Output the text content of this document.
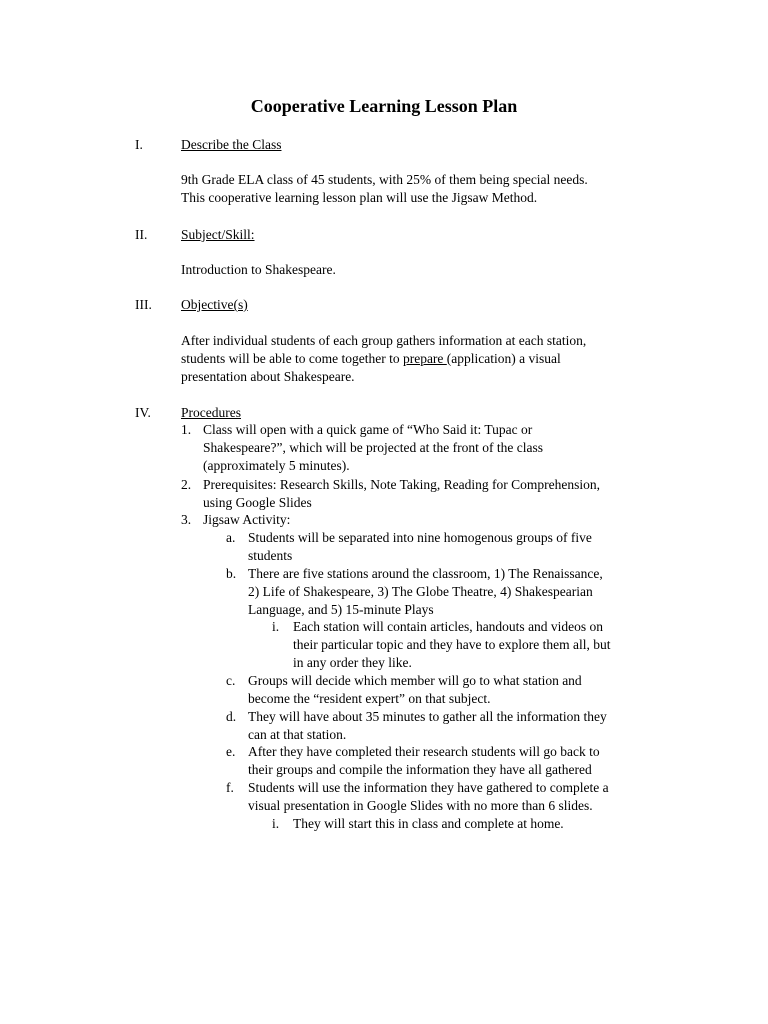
Cooperative Learning Lesson Plan
I.	Describe the Class
9th Grade ELA class of 45 students, with 25% of them being special needs.
This cooperative learning lesson plan will use the Jigsaw Method.
II. Subject/Skill:
Introduction to Shakespeare.
III. Objective(s)
After individual students of each group gathers information at each station,
students will be able to come together to prepare (application) a visual
presentation about Shakespeare.
IV. Procedures
1. Class will open with a quick game of “Who Said it: Tupac or
Shakespeare?”, which will be projected at the front of the class
(approximately 5 minutes).
2. Prerequisites: Research Skills, Note Taking, Reading for Comprehension,
using Google Slides
3. Jigsaw Activity:
a. Students will be separated into nine homogenous groups of five
students
b. There are five stations around the classroom, 1) The Renaissance,
2) Life of Shakespeare, 3) The Globe Theatre, 4) Shakespearian
Language, and 5) 15-minute Plays
i. Each station will contain articles, handouts and videos on
their particular topic and they have to explore them all, but
in any order they like.
c. Groups will decide which member will go to what station and
become the “resident expert” on that subject.
d. They will have about 35 minutes to gather all the information they
can at that station.
e. After they have completed their research students will go back to
their groups and compile the information they have all gathered
f. Students will use the information they have gathered to complete a
visual presentation in Google Slides with no more than 6 slides.
i. They will start this in class and complete at home.
